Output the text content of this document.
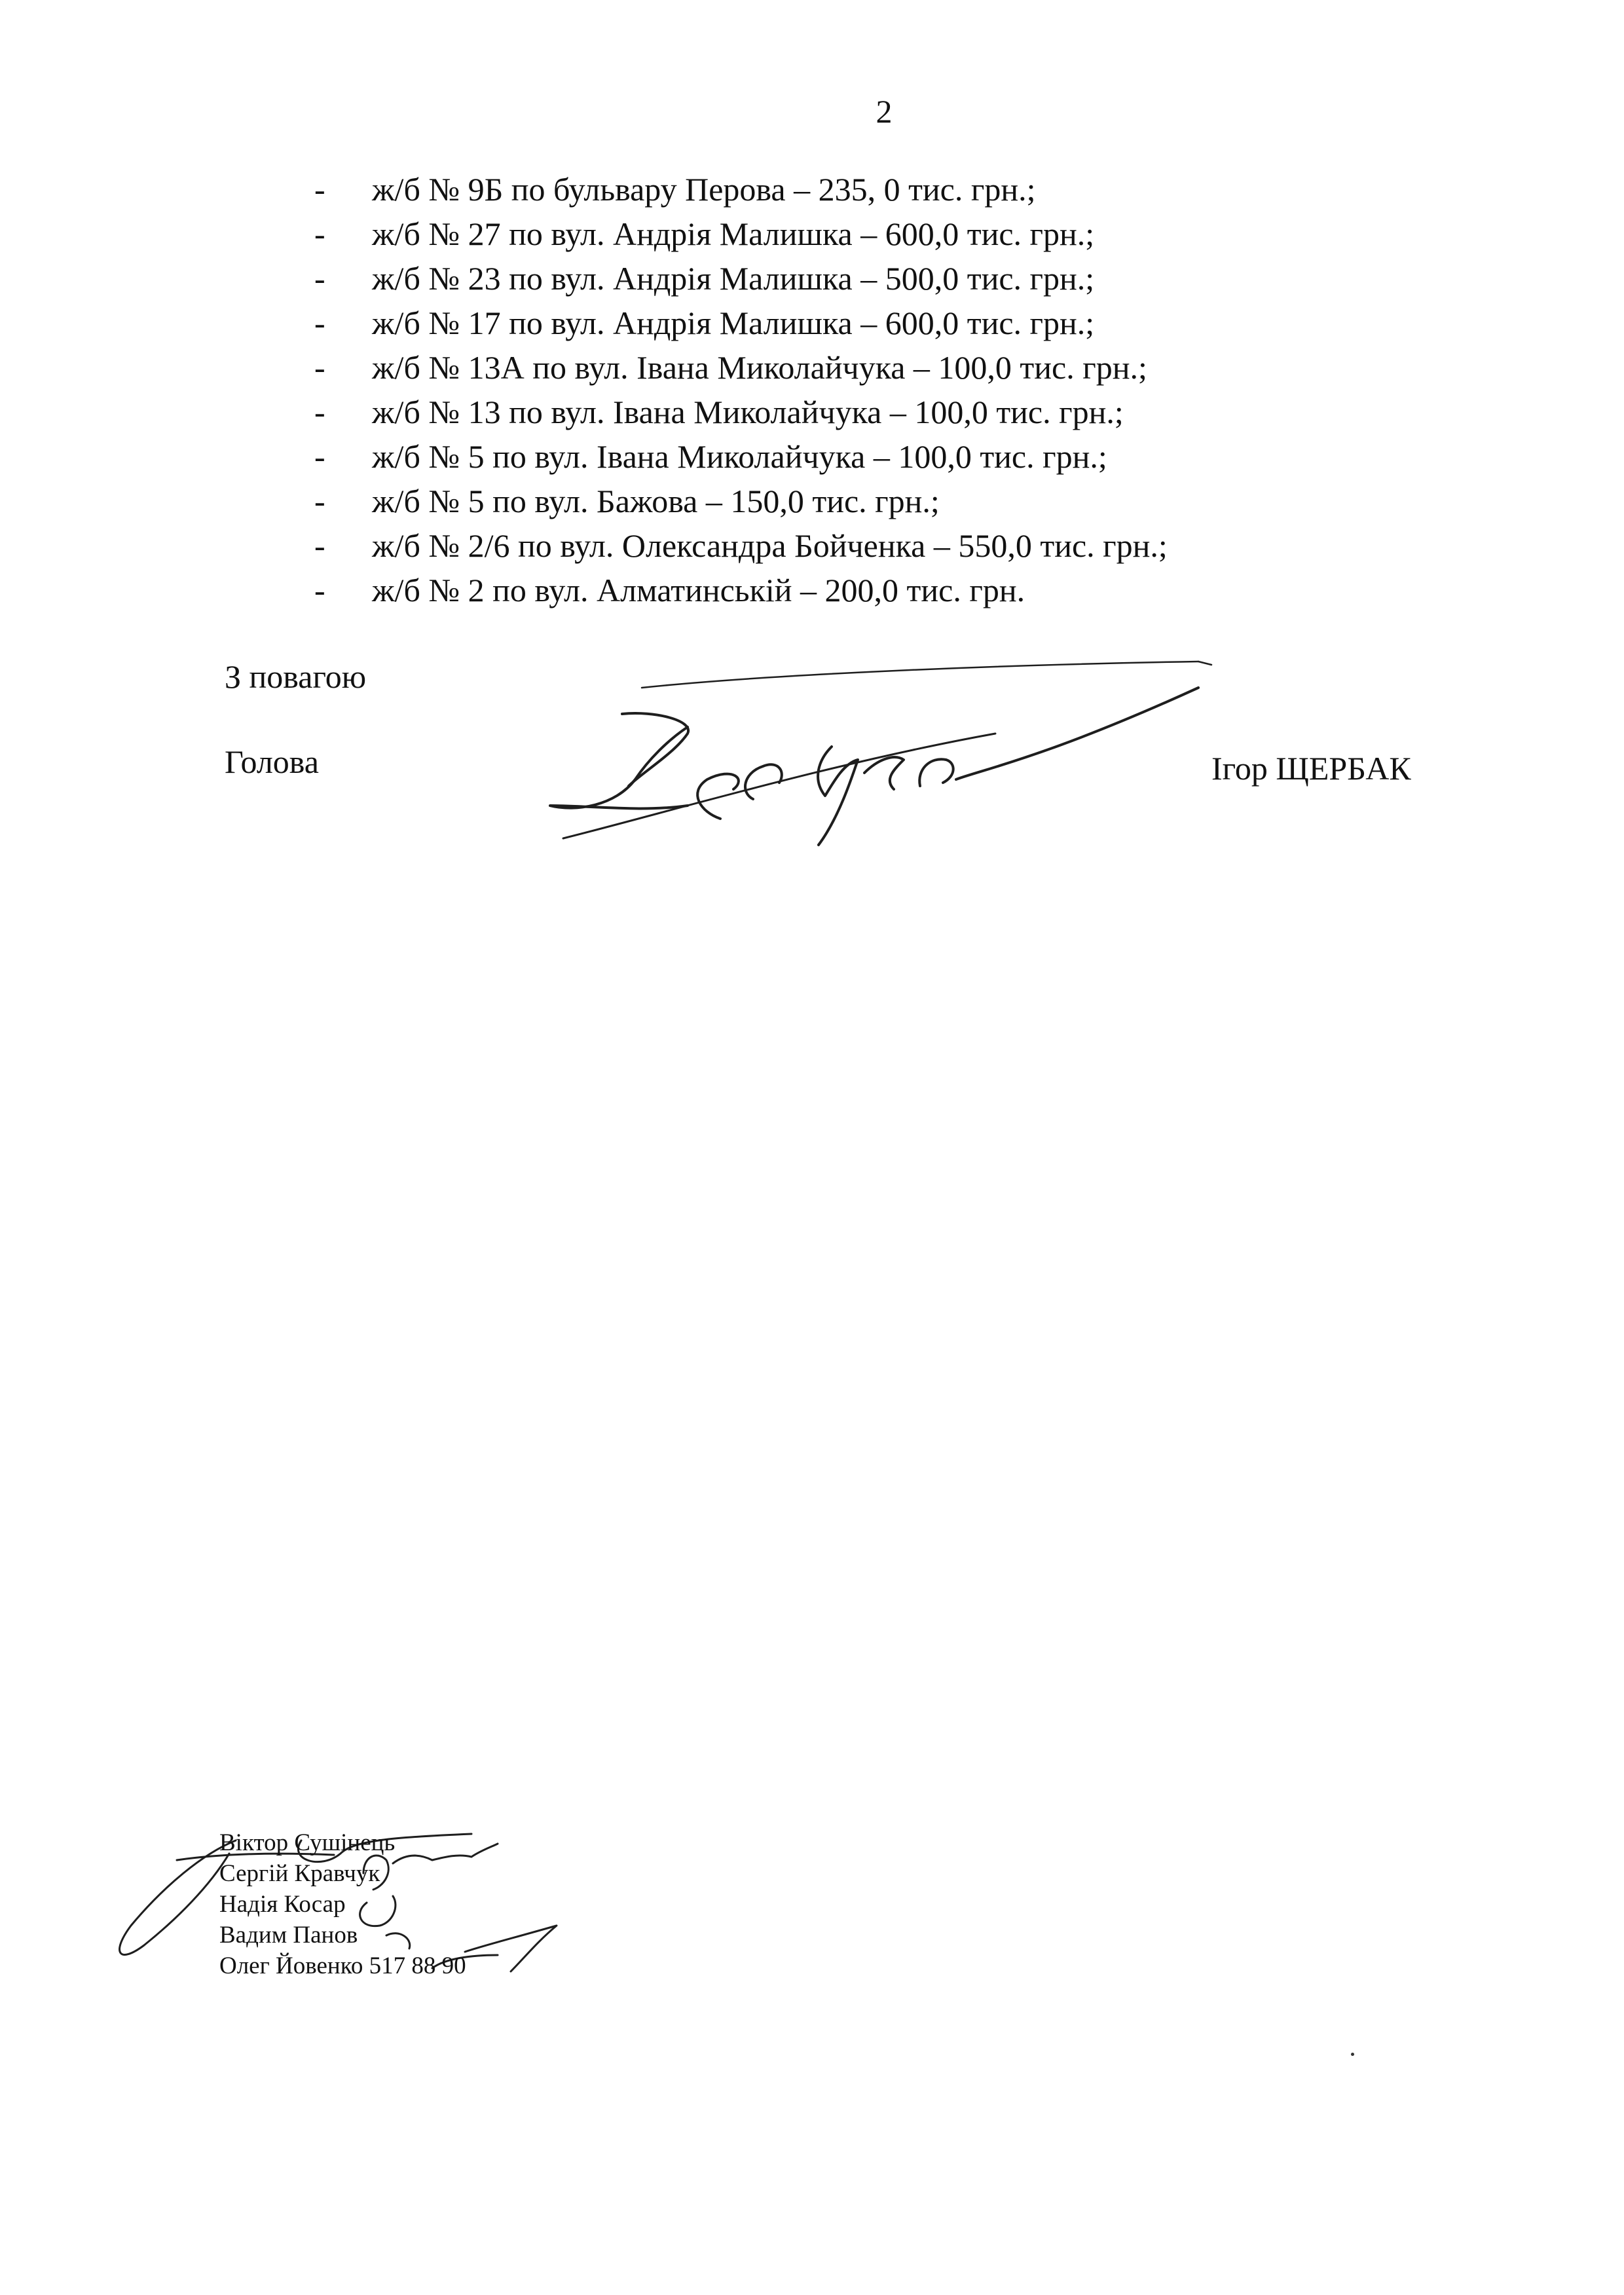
2
- ж/б № 9Б по бульвару Перова – 235, 0 тис. грн.;
- ж/б № 27 по вул. Андрія Малишка – 600,0 тис. грн.;
- ж/б № 23 по вул. Андрія Малишка – 500,0 тис. грн.;
- ж/б № 17 по вул. Андрія Малишка – 600,0 тис. грн.;
- ж/б № 13А по вул. Івана Миколайчука – 100,0 тис. грн.;
- ж/б № 13 по вул. Івана Миколайчука – 100,0 тис. грн.;
- ж/б № 5 по вул. Івана Миколайчука – 100,0 тис. грн.;
- ж/б № 5 по вул. Бажова – 150,0 тис. грн.;
- ж/б № 2/6 по вул. Олександра Бойченка – 550,0 тис. грн.;
- ж/б № 2 по вул. Алматинській – 200,0 тис. грн.
З повагою
Голова	Ігор ЩЕРБАК
Віктор Сушінець
Сергій Кравчук
Надія Косар
Вадим Панов
Олег Йовенко 517 88 90
